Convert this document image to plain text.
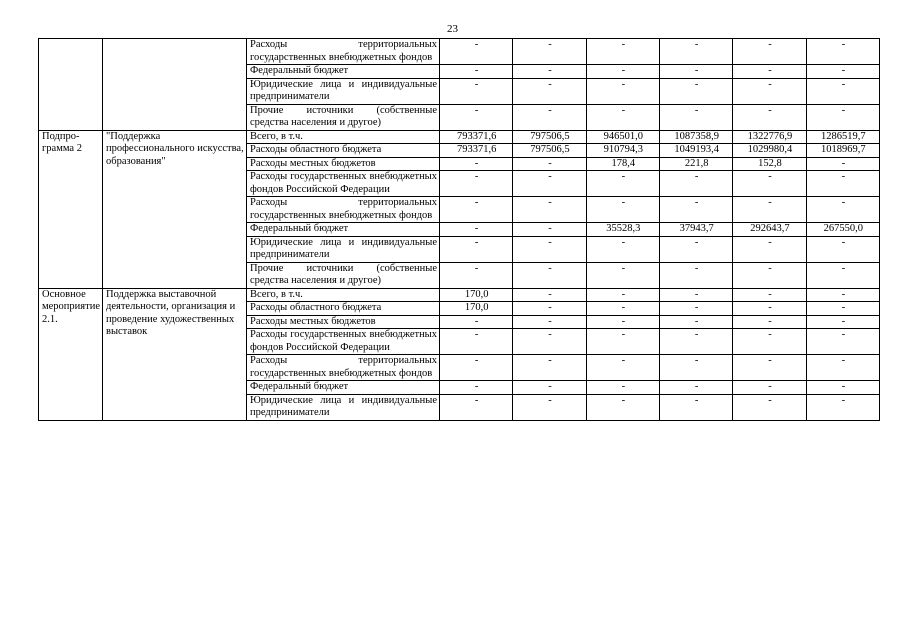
23
		Расходы территориальных государственных внебюджетных фондов	-	-	-	-	-	-
		Федеральный бюджет	-	-	-	-	-	-
		Юридические лица и индивидуальные предприниматели	-	-	-	-	-	-
		Прочие источники (собственные средства населения и другое)	-	-	-	-	-	-
Подпро-грамма 2	"Поддержка профессионального искусства, образования"	Всего, в т.ч.	793371,6	797506,5	946501,0	1087358,9	1322776,9	1286519,7
		Расходы областного бюджета	793371,6	797506,5	910794,3	1049193,4	1029980,4	1018969,7
		Расходы местных бюджетов	-	-	178,4	221,8	152,8	-
		Расходы государственных внебюджетных фондов Российской Федерации	-	-	-	-	-	-
		Расходы территориальных государственных внебюджетных фондов	-	-	-	-	-	-
		Федеральный бюджет	-	-	35528,3	37943,7	292643,7	267550,0
		Юридические лица и индивидуальные предприниматели	-	-	-	-	-	-
		Прочие источники (собственные средства населения и другое)	-	-	-	-	-	-
Основное мероприятие 2.1.	Поддержка выставочной деятельности, организация и проведение художественных выставок	Всего, в т.ч.	170,0	-	-	-	-	-
		Расходы областного бюджета	170,0	-	-	-	-	-
		Расходы местных бюджетов	-	-	-	-	-	-
		Расходы государственных внебюджетных фондов Российской Федерации	-	-	-	-	-	-
		Расходы территориальных государственных внебюджетных фондов	-	-	-	-	-	-
		Федеральный бюджет	-	-	-	-	-	-
		Юридические лица и индивидуальные предприниматели	-	-	-	-	-	-
